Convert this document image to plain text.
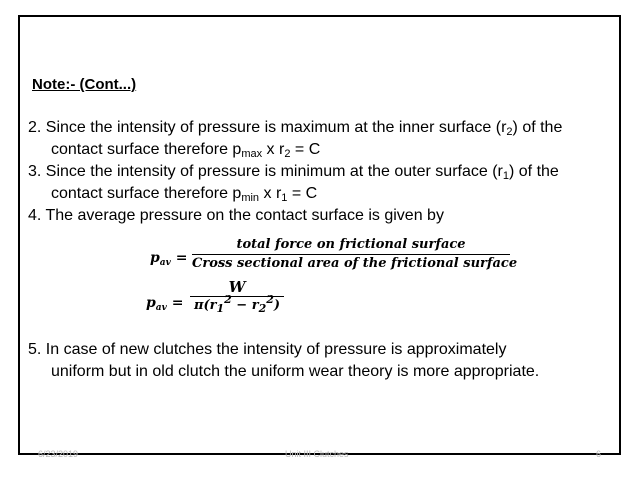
Note:- (Cont...)
2. Since the intensity of pressure is maximum at the inner surface $(r_2)$ of the
contact surface therefore $p_{max}$ x $r_2 = C$
3. Since the intensity of pressure is minimum at the outer surface $(r_1)$ of the
contact surface therefore $p_{min}$ x $r_1 = C$
4. The average pressure on the contact surface is given by
$p_{av}$ =
total force on frictional surface
Cross sectional area of the frictional surface
$p_{av}$ =
W
$\pi(r_1^2 - r_2^2)$
5. In case of new clutches the intensity of pressure is approximately
uniform but in old clutch the uniform wear theory is more appropriate.
6/23/2019	Unit III Clutches	6
